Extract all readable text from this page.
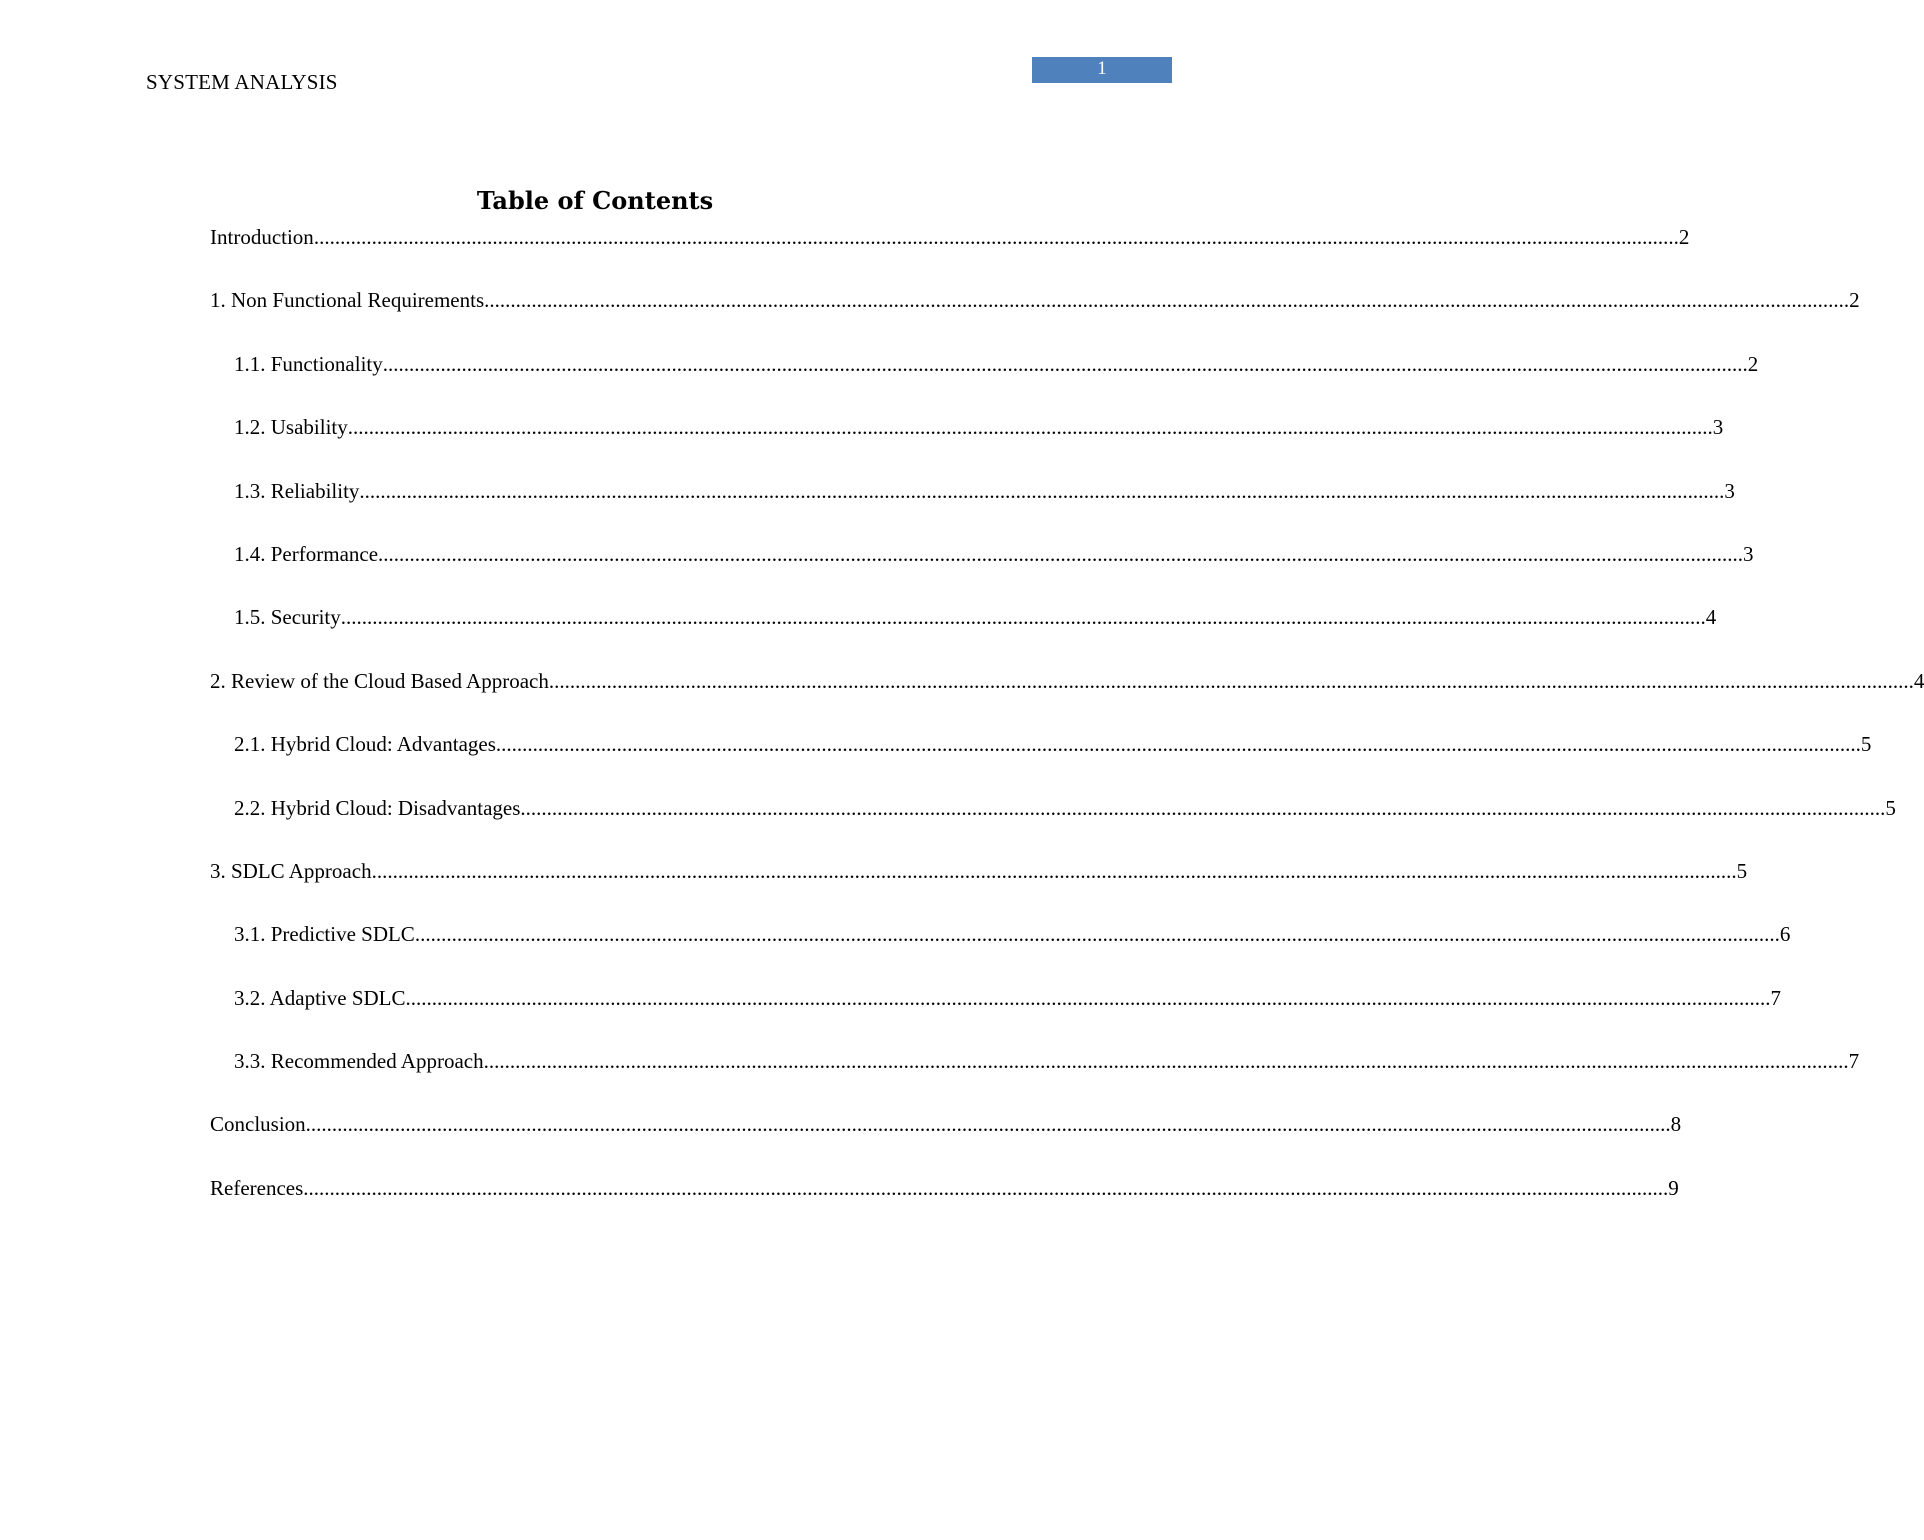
SYSTEM ANALYSIS
1
Table of Contents
Introduction .................................................................................................................................................................................................................................................................... 2
1. Non Functional Requirements .................................................................................................................................................................................................................................................................... 2
1.1. Functionality .................................................................................................................................................................................................................................................................... 2
1.2. Usability .................................................................................................................................................................................................................................................................... 3
1.3. Reliability .................................................................................................................................................................................................................................................................... 3
1.4. Performance .................................................................................................................................................................................................................................................................... 3
1.5. Security .................................................................................................................................................................................................................................................................... 4
2. Review of the Cloud Based Approach .................................................................................................................................................................................................................................................................... 4
2.1. Hybrid Cloud: Advantages .................................................................................................................................................................................................................................................................... 5
2.2. Hybrid Cloud: Disadvantages .................................................................................................................................................................................................................................................................... 5
3. SDLC Approach .................................................................................................................................................................................................................................................................... 5
3.1. Predictive SDLC .................................................................................................................................................................................................................................................................... 6
3.2. Adaptive SDLC .................................................................................................................................................................................................................................................................... 7
3.3. Recommended Approach .................................................................................................................................................................................................................................................................... 7
Conclusion .................................................................................................................................................................................................................................................................... 8
References .................................................................................................................................................................................................................................................................... 9
